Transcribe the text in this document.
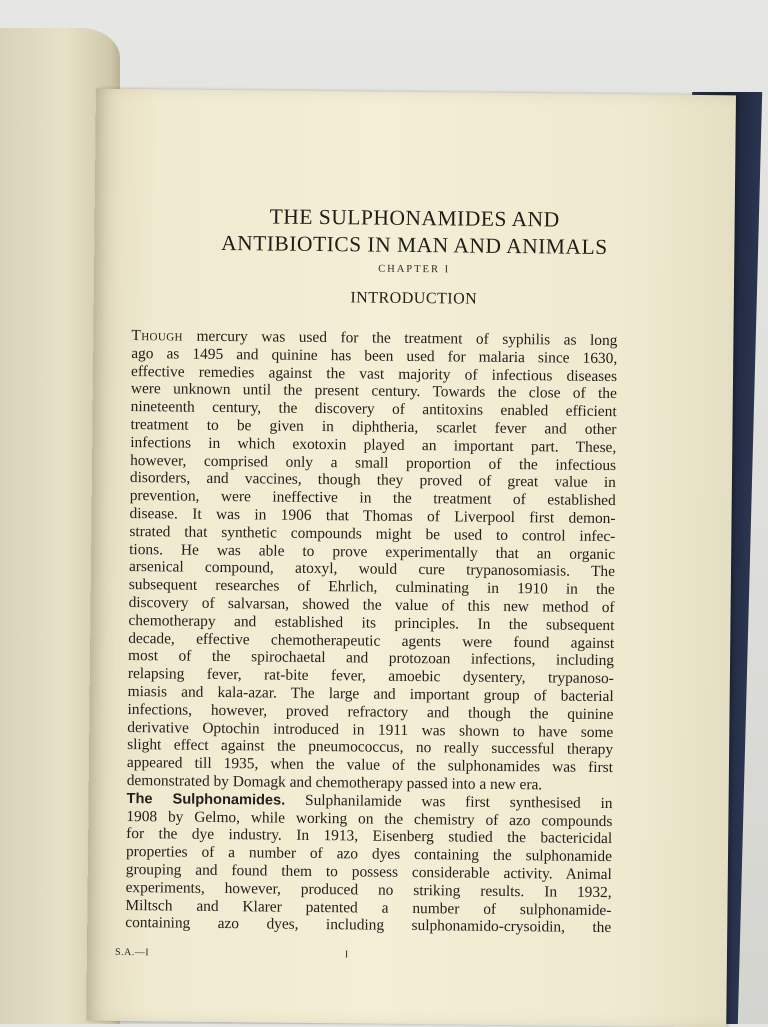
THE SULPHONAMIDES AND
ANTIBIOTICS IN MAN AND ANIMALS
CHAPTER I
INTRODUCTION
Though mercury was used for the treatment of syphilis as long
ago as 1495 and quinine has been used for malaria since 1630,
effective remedies against the vast majority of infectious diseases
were unknown until the present century. Towards the close of the
nineteenth century, the discovery of antitoxins enabled efficient
treatment to be given in diphtheria, scarlet fever and other
infections in which exotoxin played an important part. These,
however, comprised only a small proportion of the infectious
disorders, and vaccines, though they proved of great value in
prevention, were ineffective in the treatment of established
disease. It was in 1906 that Thomas of Liverpool first demon-
strated that synthetic compounds might be used to control infec-
tions. He was able to prove experimentally that an organic
arsenical compound, atoxyl, would cure trypanosomiasis. The
subsequent researches of Ehrlich, culminating in 1910 in the
discovery of salvarsan, showed the value of this new method of
chemotherapy and established its principles. In the subsequent
decade, effective chemotherapeutic agents were found against
most of the spirochaetal and protozoan infections, including
relapsing fever, rat-bite fever, amoebic dysentery, trypanoso-
miasis and kala-azar. The large and important group of bacterial
infections, however, proved refractory and though the quinine
derivative Optochin introduced in 1911 was shown to have some
slight effect against the pneumococcus, no really successful therapy
appeared till 1935, when the value of the sulphonamides was first
demonstrated by Domagk and chemotherapy passed into a new era.
The Sulphonamides. Sulphanilamide was first synthesised in
1908 by Gelmo, while working on the chemistry of azo compounds
for the dye industry. In 1913, Eisenberg studied the bactericidal
properties of a number of azo dyes containing the sulphonamide
grouping and found them to possess considerable activity. Animal
experiments, however, produced no striking results. In 1932,
Miltsch and Klarer patented a number of sulphonamide-
containing azo dyes, including sulphonamido-crysoidin, the
S.A.—I	I
